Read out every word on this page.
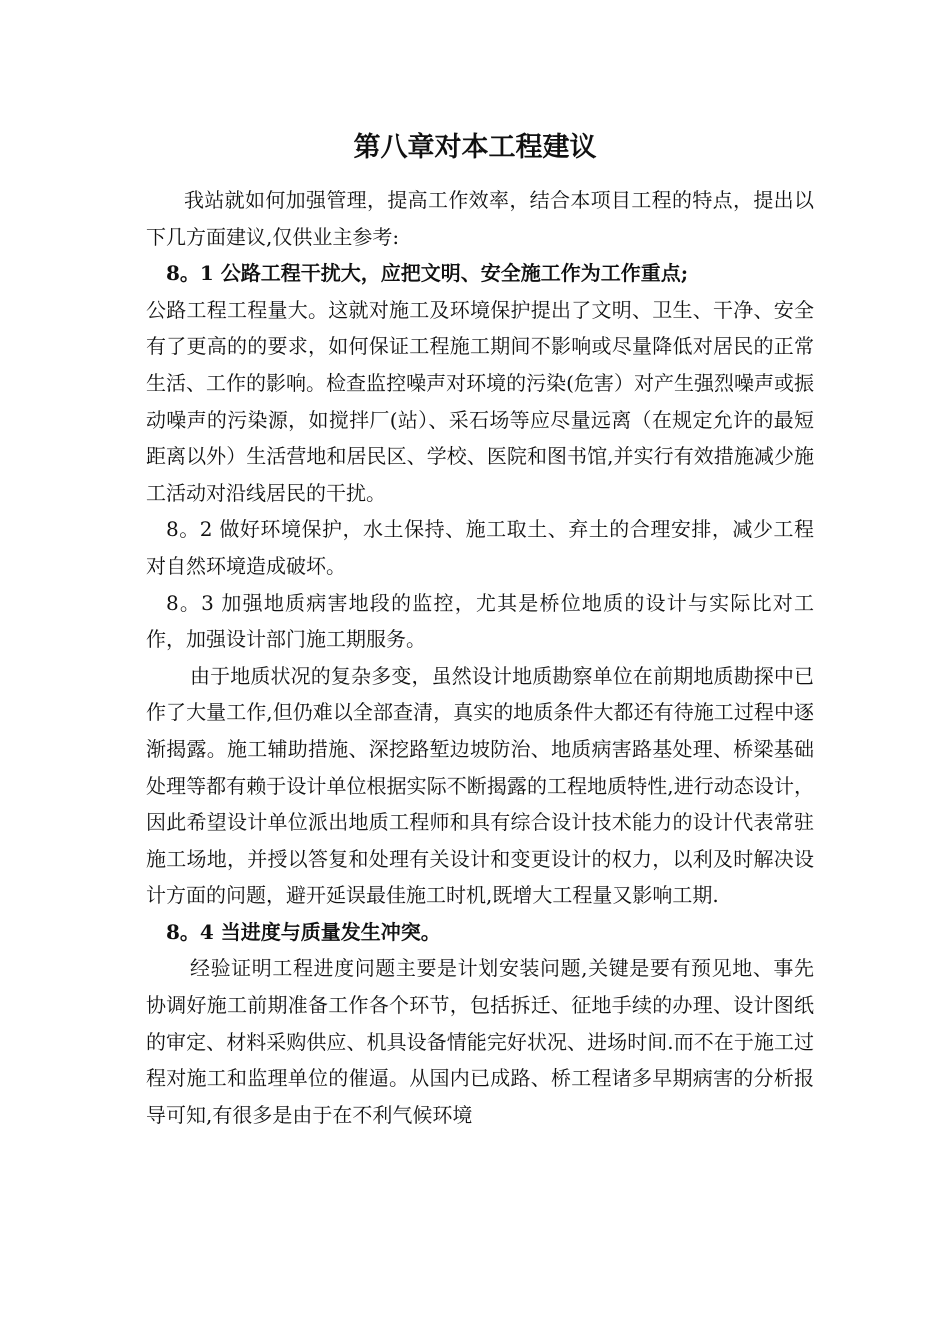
第八章对本工程建议

我站就如何加强管理，提高工作效率，结合本项目工程的特点，提出以下几方面建议,仅供业主参考:

8。1 公路工程干扰大，应把文明、安全施工作为工作重点;

公路工程工程量大。这就对施工及环境保护提出了文明、卫生、干净、安全有了更高的的要求，如何保证工程施工期间不影响或尽量降低对居民的正常生活、工作的影响。检查监控噪声对环境的污染(危害）对产生强烈噪声或振动噪声的污染源，如搅拌厂(站）、采石场等应尽量远离（在规定允许的最短距离以外）生活营地和居民区、学校、医院和图书馆,并实行有效措施减少施工活动对沿线居民的干扰。

8。2 做好环境保护，水土保持、施工取土、弃土的合理安排，减少工程对自然环境造成破坏。

8。3 加强地质病害地段的监控，尤其是桥位地质的设计与实际比对工作，加强设计部门施工期服务。

由于地质状况的复杂多变，虽然设计地质勘察单位在前期地质勘探中已作了大量工作,但仍难以全部查清，真实的地质条件大都还有待施工过程中逐渐揭露。施工辅助措施、深挖路堑边坡防治、地质病害路基处理、桥梁基础处理等都有赖于设计单位根据实际不断揭露的工程地质特性,进行动态设计，因此希望设计单位派出地质工程师和具有综合设计技术能力的设计代表常驻施工场地，并授以答复和处理有关设计和变更设计的权力，以利及时解决设计方面的问题，避开延误最佳施工时机,既增大工程量又影响工期.

8。4 当进度与质量发生冲突。

经验证明工程进度问题主要是计划安装问题,关键是要有预见地、事先协调好施工前期准备工作各个环节，包括拆迁、征地手续的办理、设计图纸的审定、材料采购供应、机具设备情能完好状况、进场时间.而不在于施工过程对施工和监理单位的催逼。从国内已成路、桥工程诸多早期病害的分析报导可知,有很多是由于在不利气候环境
